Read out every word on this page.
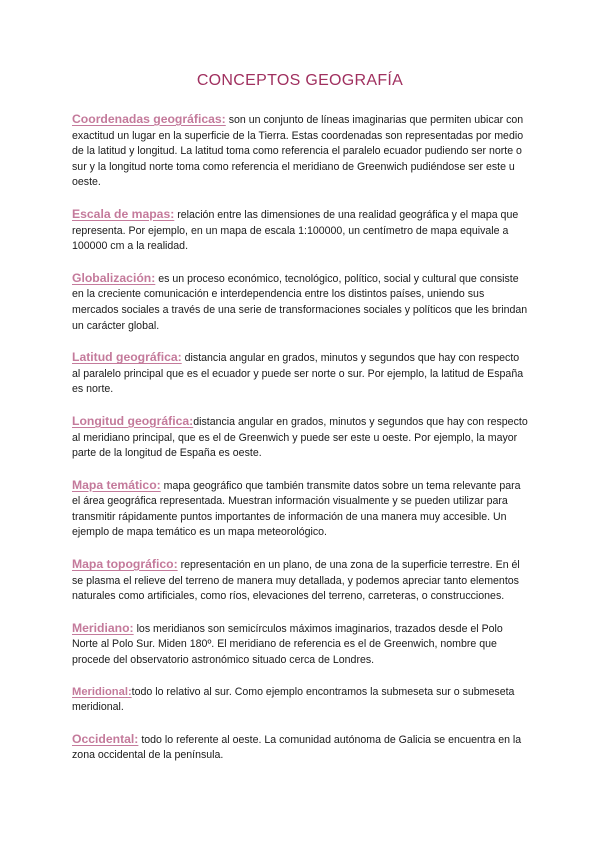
CONCEPTOS GEOGRAFÍA

Coordenadas geográficas: son un conjunto de líneas imaginarias que permiten ubicar con exactitud un lugar en la superficie de la Tierra. Estas coordenadas son representadas por medio de la latitud y longitud. La latitud toma como referencia el paralelo ecuador pudiendo ser norte o sur y la longitud norte toma como referencia el meridiano de Greenwich pudiéndose ser este u oeste.

Escala de mapas: relación entre las dimensiones de una realidad geográfica y el mapa que representa. Por ejemplo, en un mapa de escala 1:100000, un centímetro de mapa equivale a 100000 cm a la realidad.

Globalización: es un proceso económico, tecnológico, político, social y cultural que consiste en la creciente comunicación e interdependencia entre los distintos países, uniendo sus mercados sociales a través de una serie de transformaciones sociales y políticos que les brindan un carácter global.

Latitud geográfica: distancia angular en grados, minutos y segundos que hay con respecto al paralelo principal que es el ecuador y puede ser norte o sur. Por ejemplo, la latitud de España es norte.

Longitud geográfica:distancia angular en grados, minutos y segundos que hay con respecto al meridiano principal, que es el de Greenwich y puede ser este u oeste. Por ejemplo, la mayor parte de la longitud de España es oeste.

Mapa temático: mapa geográfico que también transmite datos sobre un tema relevante para el área geográfica representada. Muestran información visualmente y se pueden utilizar para transmitir rápidamente puntos importantes de información de una manera muy accesible. Un ejemplo de mapa temático es un mapa meteorológico.

Mapa topográfico: representación en un plano, de una zona de la superficie terrestre. En él se plasma el relieve del terreno de manera muy detallada, y podemos apreciar tanto elementos naturales como artificiales, como ríos, elevaciones del terreno, carreteras, o construcciones.

Meridiano: los meridianos son semicírculos máximos imaginarios, trazados desde el Polo Norte al Polo Sur. Miden 180º. El meridiano de referencia es el de Greenwich, nombre que procede del observatorio astronómico situado cerca de Londres.

Meridional:todo lo relativo al sur. Como ejemplo encontramos la submeseta sur o submeseta meridional.

Occidental: todo lo referente al oeste. La comunidad autónoma de Galicia se encuentra en la zona occidental de la península.
